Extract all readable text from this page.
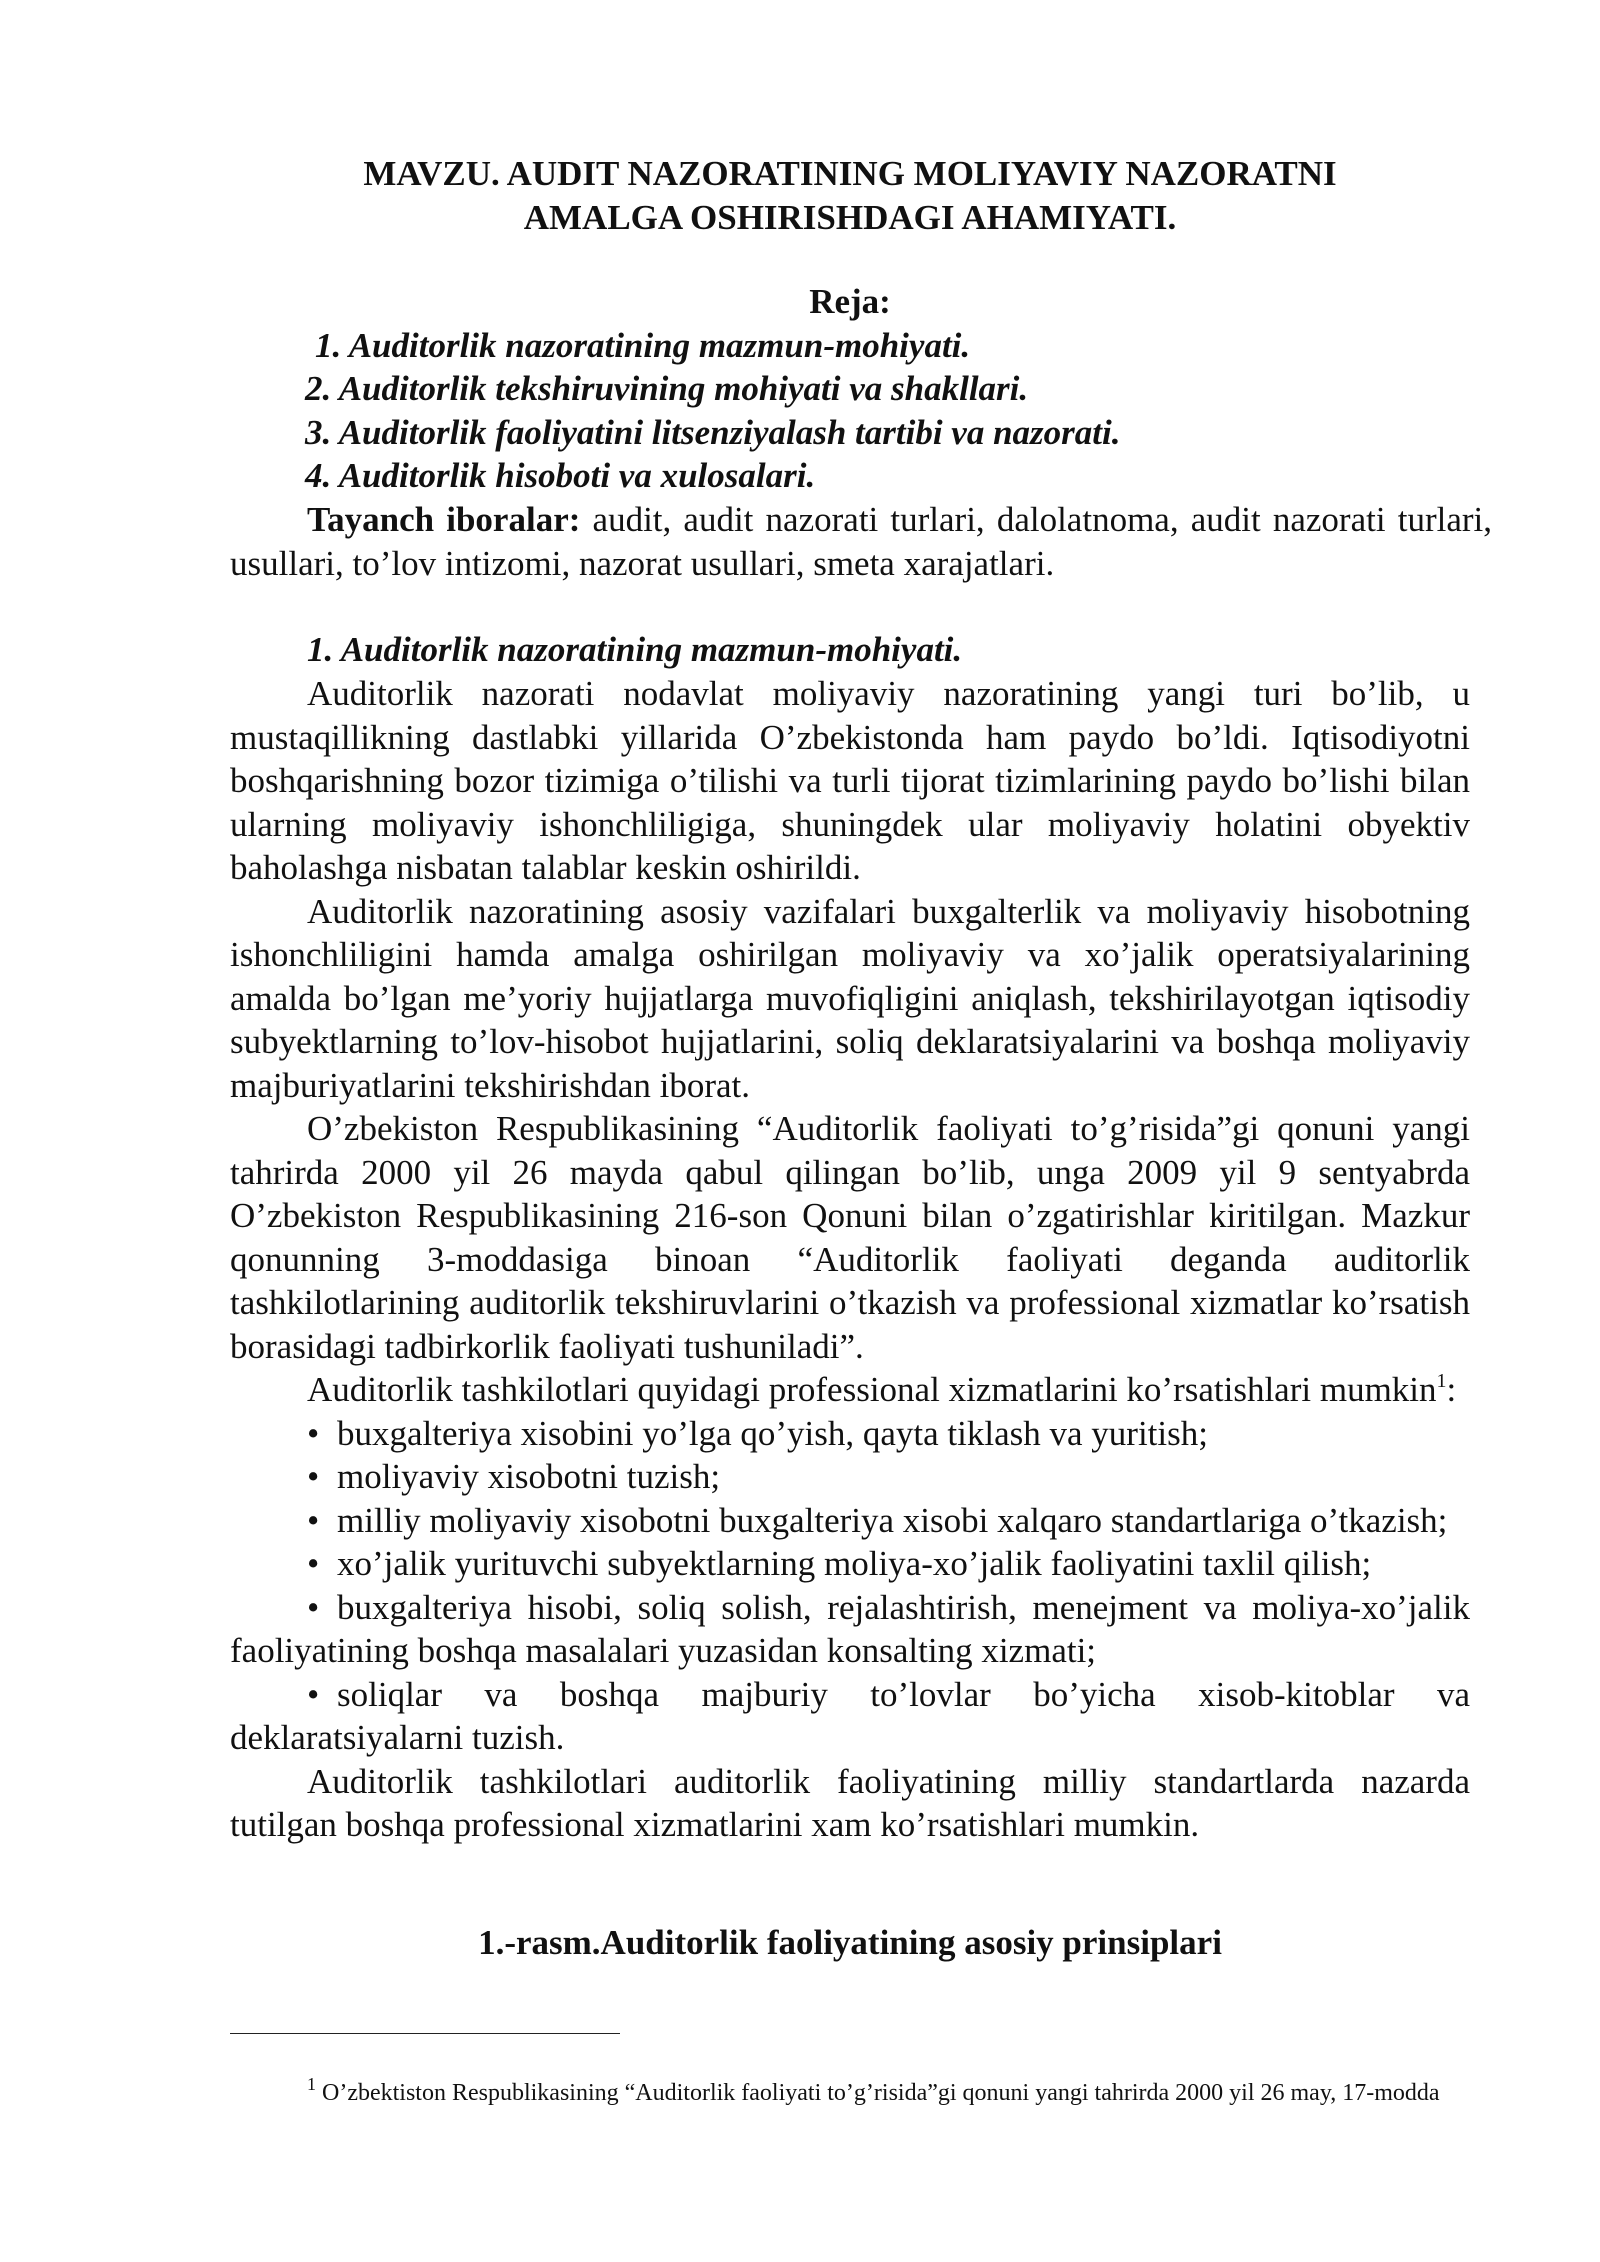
MAVZU. AUDIT NAZORATINING MOLIYAVIY NAZORATNI
AMALGA OSHIRISHDAGI AHAMIYATI.
Reja:
1. Auditorlik nazoratining mazmun-mohiyati.
2. Auditorlik tekshiruvining mohiyati va shakllari.
3. Auditorlik faoliyatini litsenziyalash tartibi va nazorati.
4. Auditorlik hisoboti va xulosalari.

Tayanch iboralar: audit, audit nazorati turlari, dalolatnoma, audit nazorati turlari, usullari, to’lov intizomi, nazorat usullari, smeta xarajatlari.

1. Auditorlik nazoratining mazmun-mohiyati.

Auditorlik nazorati nodavlat moliyaviy nazoratining yangi turi bo’lib, u mustaqillikning dastlabki yillarida O’zbekistonda ham paydo bo’ldi. Iqtisodiyotni boshqarishning bozor tizimiga o’tilishi va turli tijorat tizimlarining paydo bo’lishi bilan ularning moliyaviy ishonchliligiga, shuningdek ular moliyaviy holatini obyektiv baholashga nisbatan talablar keskin oshirildi.

Auditorlik nazoratining asosiy vazifalari buxgalterlik va moliyaviy hisobotning ishonchliligini hamda amalga oshirilgan moliyaviy va xo’jalik operatsiyalarining amalda bo’lgan me’yoriy hujjatlarga muvofiqligini aniqlash, tekshirilayotgan iqtisodiy subyektlarning to’lov-hisobot hujjatlarini, soliq deklaratsiyalarini va boshqa moliyaviy majburiyatlarini tekshirishdan iborat.

O’zbekiston Respublikasining “Auditorlik faoliyati to’g’risida”gi qonuni yangi tahrirda 2000 yil 26 mayda qabul qilingan bo’lib, unga 2009 yil 9 sentyabrda O’zbekiston Respublikasining 216-son Qonuni bilan o’zgatirishlar kiritilgan. Mazkur qonunning 3-moddasiga binoan “Auditorlik faoliyati deganda auditorlik tashkilotlarining auditorlik tekshiruvlarini o’tkazish va professional xizmatlar ko’rsatish borasidagi tadbirkorlik faoliyati tushuniladi”.

Auditorlik tashkilotlari quyidagi professional xizmatlarini ko’rsatishlari mumkin$^1$:

• buxgalteriya xisobini yo’lga qo’yish, qayta tiklash va yuritish;

• moliyaviy xisobotni tuzish;

• milliy moliyaviy xisobotni buxgalteriya xisobi xalqaro standartlariga o’tkazish;

• xo’jalik yurituvchi subyektlarning moliya-xo’jalik faoliyatini taxlil qilish;

• buxgalteriya hisobi, soliq solish, rejalashtirish, menejment va moliya-xo’jalik faoliyatining boshqa masalalari yuzasidan konsalting xizmati;

• soliqlar va boshqa majburiy to’lovlar bo’yicha xisob-kitoblar va deklaratsiyalarni tuzish.

Auditorlik tashkilotlari auditorlik faoliyatining milliy standartlarda nazarda tutilgan boshqa professional xizmatlarini xam ko’rsatishlari mumkin.

1.-rasm.Auditorlik faoliyatining asosiy prinsiplari
$^1$ O’zbektiston Respublikasining “Auditorlik faoliyati to’g’risida”gi qonuni yangi tahrirda 2000 yil 26 may, 17-modda
